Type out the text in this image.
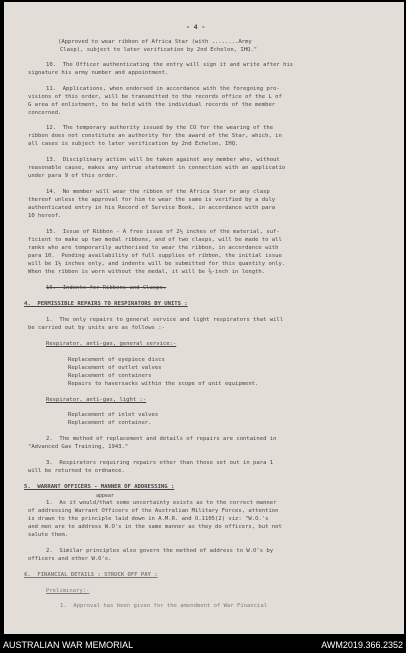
- 4 -
(Approved to wear ribbon of Africa Star (with ........Army
Clasp), subject to later verification by 2nd Echelon, IHQ."
10.  The Officer authenticating the entry will sign it and write after his
signature his army number and appointment.
11.  Applications, when endorsed in accordance with the foregoing pro-
visions of this order, will be transmitted to the records office of the L of
G area of enlistment, to be held with the individual records of the member
concerned.
12.  The temporary authority issued by the CO for the wearing of the
ribbon does not constitute an authority for the award of the Star, which, in
all cases is subject to later verification by 2nd Echelon, IHQ.
13.  Disciplinary action will be taken against any member who, without
reasonable cause, makes any untrue statement in connection with an applicatio
under para 9 of this order.
14.  No member will wear the ribbon of the Africa Star or any clasp
thereof unless the approval for him to wear the same is verified by a duly
authenticated entry in his Record of Service Book, in accordance with para
10 hereof.
15.  Issue of Ribbon - A free issue of 2½ inches of the material, suf-
ficient to make up two medal ribbons, and of two clasps, will be made to all
ranks who are temporarily authorised to wear the ribbon, in accordance with
para 10.  Pending availability of full supplies of ribbon, the initial issue
will be 1½ inches only, and indents will be submitted for this quantity only.
When the ribbon is worn without the medal, it will be ⅜-inch in length.
16.  Indents for Ribbons and Clasps.
4.  PERMISSIBLE REPAIRS TO RESPIRATORS BY UNITS :
1.  The only repairs to general service and light respirators that will
be carried out by units are as follows :-
Respirator, anti-gas, general service:-
Replacement of eyepiece discs
Replacement of outlet valves
Replacement of containers
Repairs to haversacks within the scope of unit equipment.
Respirator, anti-gas, light :-
Replacement of inlet valves
Replacement of container.
2.  The method of replacement and details of repairs are contained in
"Advanced Gas Training, 1943."
3.  Respirators requiring repairs other than those set out in para 1
will be returned to ordnance.
5.  WARRANT OFFICERS - MANNER OF ADDRESSING :
appear
1.  As it would/that some uncertainty exists as to the correct manner
of addressing Warrant Officers of the Australian Military Forces, attention
is drawn to the principle laid down in A.M.R. and O.1105(2) viz: "W.O.'s
and men are to address W.O's in the same manner as they do officers, but not
salute them.
2.  Similar principles also govern the method of address to W.O's by
officers and other W.O's.
6.  FINANCIAL DETAILS : STRUCK OFF PAY :
Preliminary:-
1.  Approval has been given for the amendment of War Financial
AUSTRALIAN WAR MEMORIAL	AWM2019.366.2352
